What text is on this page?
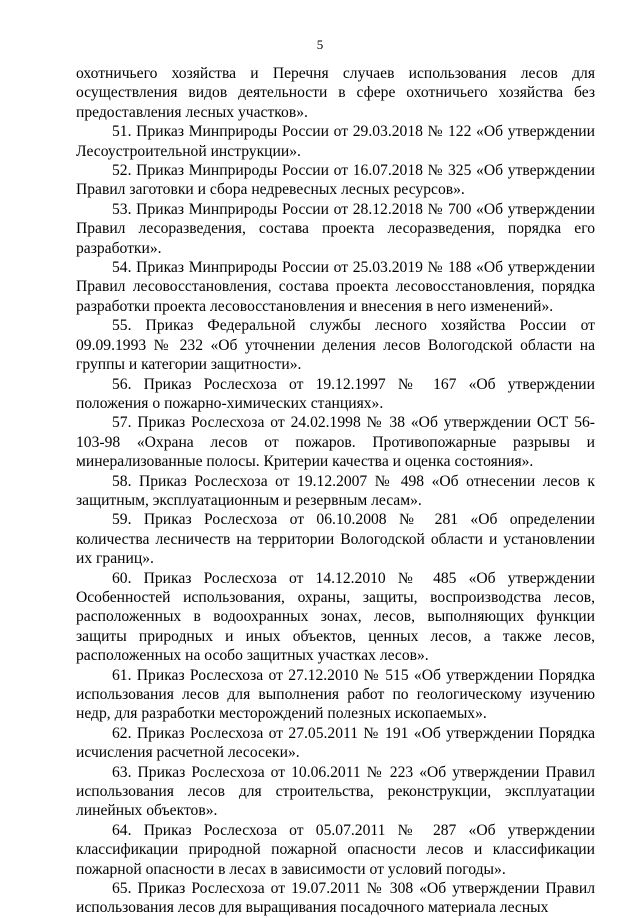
5

охотничьего хозяйства и Перечня случаев использования лесов для осуществления видов деятельности в сфере охотничьего хозяйства без предоставления лесных участков».

51. Приказ Минприроды России от 29.03.2018 № 122 «Об утверждении Лесоустроительной инструкции».

52. Приказ Минприроды России от 16.07.2018 № 325 «Об утверждении Правил заготовки и сбора недревесных лесных ресурсов».

53. Приказ Минприроды России от 28.12.2018 № 700 «Об утверждении Правил лесоразведения, состава проекта лесоразведения, порядка его разработки».

54. Приказ Минприроды России от 25.03.2019 № 188 «Об утверждении Правил лесовосстановления, состава проекта лесовосстановления, порядка разработки проекта лесовосстановления и внесения в него изменений».

55. Приказ Федеральной службы лесного хозяйства России от 09.09.1993 № 232 «Об уточнении деления лесов Вологодской области на группы и категории защитности».

56. Приказ Рослесхоза от 19.12.1997 № 167 «Об утверждении положения о пожарно-химических станциях».

57. Приказ Рослесхоза от 24.02.1998 № 38 «Об утверждении ОСТ 56-103-98 «Охрана лесов от пожаров. Противопожарные разрывы и минерализованные полосы. Критерии качества и оценка состояния».

58. Приказ Рослесхоза от 19.12.2007 № 498 «Об отнесении лесов к защитным, эксплуатационным и резервным лесам».

59. Приказ Рослесхоза от 06.10.2008 № 281 «Об определении количества лесничеств на территории Вологодской области и установлении их границ».

60. Приказ Рослесхоза от 14.12.2010 № 485 «Об утверждении Особенностей использования, охраны, защиты, воспроизводства лесов, расположенных в водоохранных зонах, лесов, выполняющих функции защиты природных и иных объектов, ценных лесов, а также лесов, расположенных на особо защитных участках лесов».

61. Приказ Рослесхоза от 27.12.2010 № 515 «Об утверждении Порядка использования лесов для выполнения работ по геологическому изучению недр, для разработки месторождений полезных ископаемых».

62. Приказ Рослесхоза от 27.05.2011 № 191 «Об утверждении Порядка исчисления расчетной лесосеки».

63. Приказ Рослесхоза от 10.06.2011 № 223 «Об утверждении Правил использования лесов для строительства, реконструкции, эксплуатации линейных объектов».

64. Приказ Рослесхоза от 05.07.2011 № 287 «Об утверждении классификации природной пожарной опасности лесов и классификации пожарной опасности в лесах в зависимости от условий погоды».

65. Приказ Рослесхоза от 19.07.2011 № 308 «Об утверждении Правил использования лесов для выращивания посадочного материала лесных
